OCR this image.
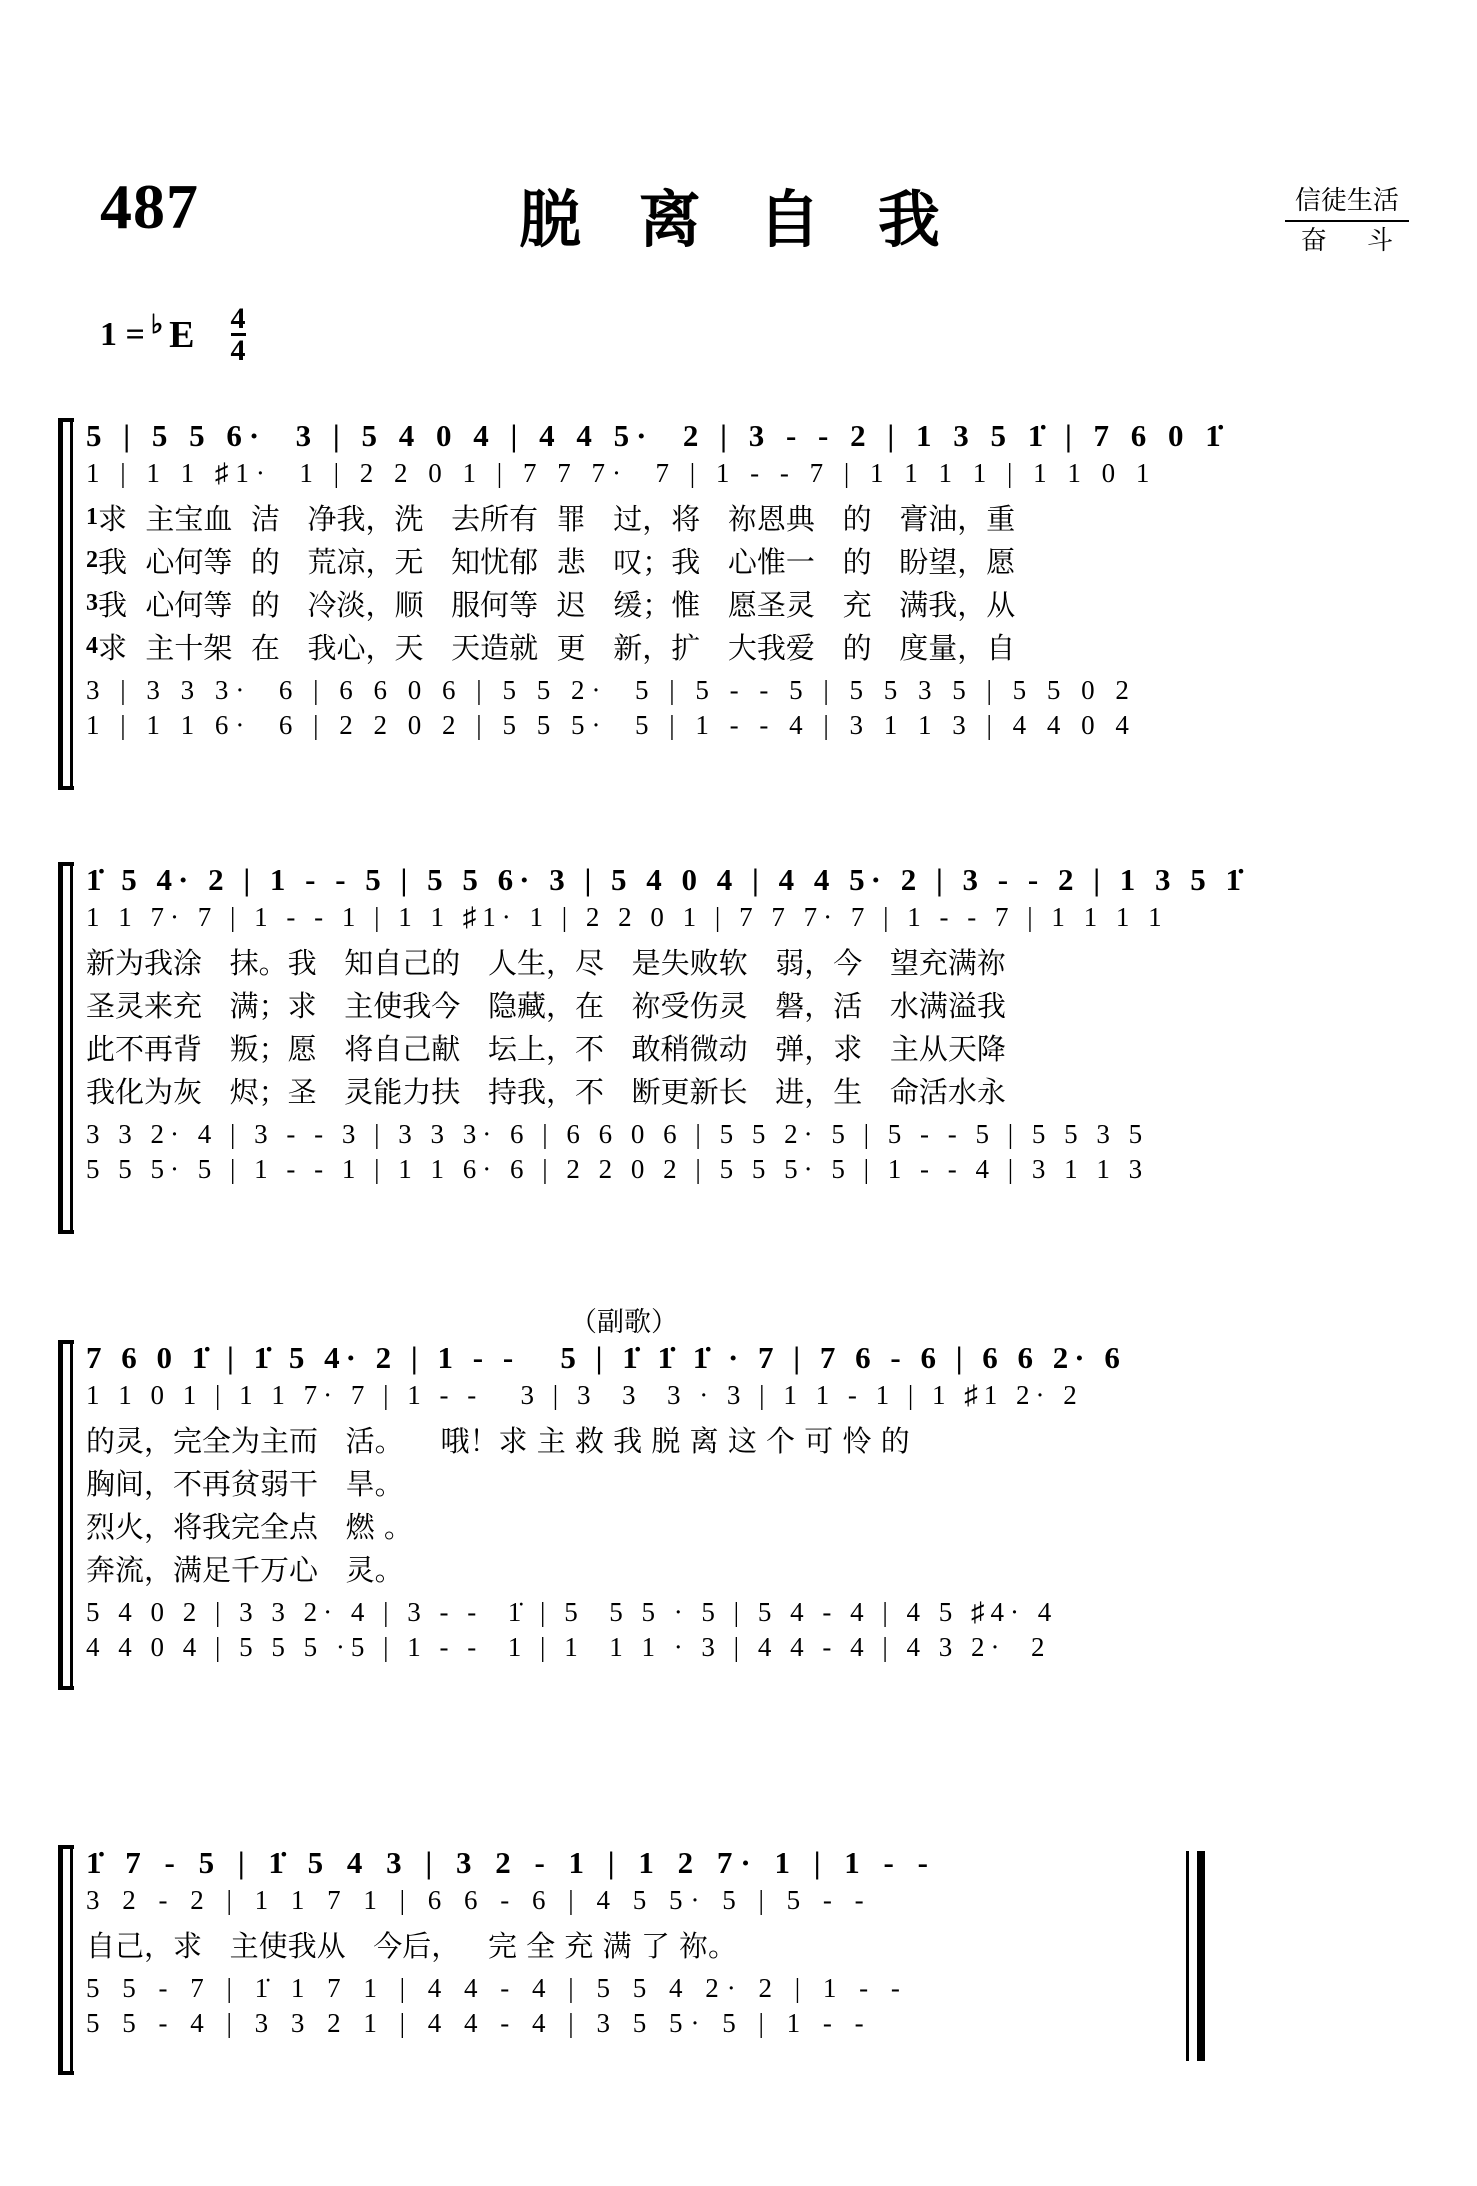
487	脱 离 自 我	信徒生活
奋 斗
1 = ♭ E $\frac{4}{4}$
5 | 5 5 6·  3 | 5 4 0 4 | 4 4 5·  2 | 3 - - 2 | 1 3 5 1̇ | 7 6 0 1̇
1 | 1 1 ♯1·  1 | 2 2 0 1 | 7 7 7·  7 | 1 - - 7 | 1 1 1 1 | 1 1 0 1
1 求  主宝血  洁   净我，洗   去所有  罪   过，将   祢恩典   的   膏油，重
2 我  心何等  的   荒凉，无   知忧郁  悲   叹；我   心惟一   的   盼望，愿
3 我  心何等  的   冷淡，顺   服何等  迟   缓；惟   愿圣灵   充   满我，从
4 求  主十架  在   我心，天   天造就  更   新，扩   大我爱   的   度量，自
3 | 3 3 3·  6 | 6 6 0 6 | 5 5 2·  5 | 5 - - 5 | 5 5 3 5 | 5 5 0 2
1 | 1 1 6·  6 | 2 2 0 2 | 5 5 5·  5 | 1 - - 4 | 3 1 1 3 | 4 4 0 4
1̇ 5 4· 2 | 1 - - 5 | 5 5 6· 3 | 5 4 0 4 | 4 4 5· 2 | 3 - - 2 | 1 3 5 1̇
1 1 7· 7 | 1 - - 1 | 1 1 ♯1· 1 | 2 2 0 1 | 7 7 7· 7 | 1 - - 7 | 1 1 1 1
新为我涂   抹。我   知自己的   人生，尽   是失败软   弱，今   望充满祢
圣灵来充   满；求   主使我今   隐藏，在   祢受伤灵   磐，活   水满溢我
此不再背   叛；愿   将自己献   坛上，不   敢稍微动   弹，求   主从天降
我化为灰   烬；圣   灵能力扶   持我，不   断更新长   进，生   命活水永
3 3 2· 4 | 3 - - 3 | 3 3 3· 6 | 6 6 0 6 | 5 5 2· 5 | 5 - - 5 | 5 5 3 5
5 5 5· 5 | 1 - - 1 | 1 1 6· 6 | 2 2 0 2 | 5 5 5· 5 | 1 - - 4 | 3 1 1 3
（副歌）
7 6 0 1̇ | 1̇ 5 4· 2 | 1 - -   5 | 1̇ 1̇ 1̇ · 7 | 7 6 - 6 | 6 6 2· 6
1 1 0 1 | 1 1 7· 7 | 1 - -   3 | 3  3  3 · 3 | 1 1 - 1 | 1 ♯1 2· 2
的灵，完全为主而   活。    哦！求 主 救 我 脱 离 这 个 可 怜 的
胸间，不再贫弱干   旱。
烈火，将我完全点   燃 。
奔流，满足千万心   灵。
5 4 0 2 | 3 3 2· 4 | 3 - -  1̇ | 5  5 5 · 5 | 5 4 - 4 | 4 5 ♯4· 4
4 4 0 4 | 5 5 5 ·5 | 1 - -  1 | 1  1 1 · 3 | 4 4 - 4 | 4 3 2·  2
1̇ 7 - 5 | 1̇ 5 4 3 | 3 2 - 1 | 1 2 7· 1 | 1 - -
3 2 - 2 | 1 1 7 1 | 6 6 - 6 | 4 5 5· 5 | 5 - -
自己，求   主使我从   今后，   完 全 充 满 了 祢。
5 5 - 7 | 1̇ 1 7 1 | 4 4 - 4 | 5 5 4 2· 2 | 1 - -
5 5 - 4 | 3 3 2 1 | 4 4 - 4 | 3 5 5· 5 | 1 - -
